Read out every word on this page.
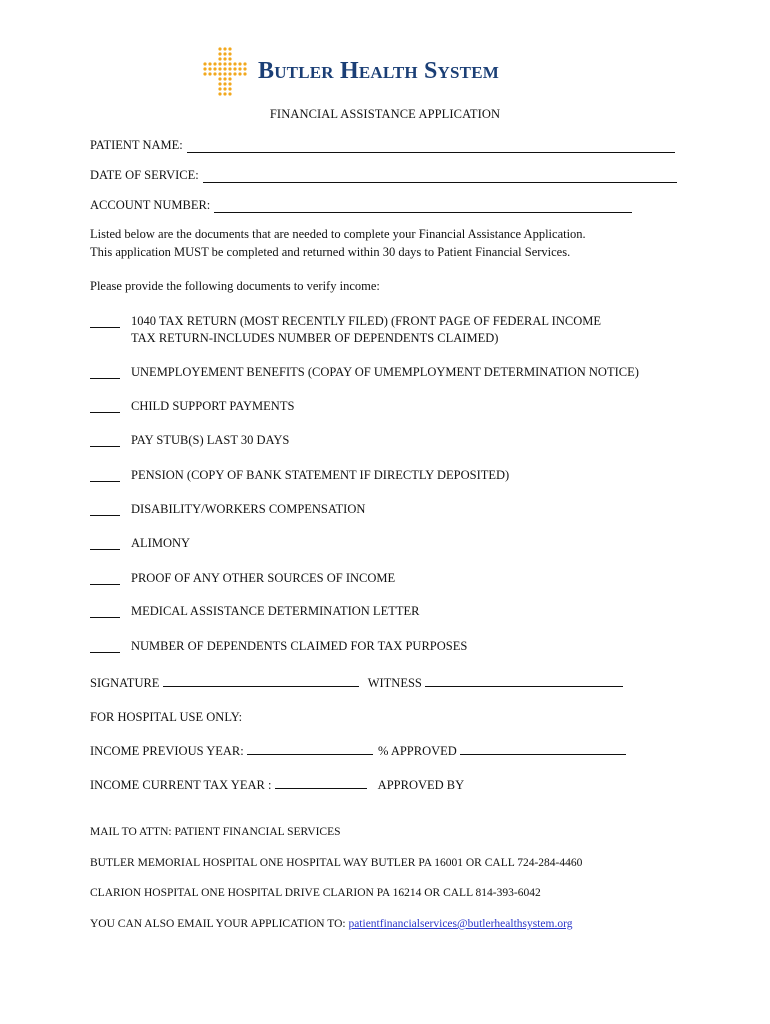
Butler Health System
FINANCIAL ASSISTANCE APPLICATION
PATIENT NAME:
DATE OF SERVICE:
ACCOUNT NUMBER:
Listed below are the documents that are needed to complete your Financial Assistance Application.
This application MUST be completed and returned within 30 days to Patient Financial Services.
Please provide the following documents to verify income:
1040 TAX RETURN (MOST RECENTLY FILED) (FRONT PAGE OF FEDERAL INCOME
TAX RETURN-INCLUDES NUMBER OF DEPENDENTS CLAIMED)
UNEMPLOYEMENT BENEFITS (COPAY OF UMEMPLOYMENT DETERMINATION NOTICE)
CHILD SUPPORT PAYMENTS
PAY STUB(S) LAST 30 DAYS
PENSION (COPY OF BANK STATEMENT IF DIRECTLY DEPOSITED)
DISABILITY/WORKERS COMPENSATION
ALIMONY
PROOF OF ANY OTHER SOURCES OF INCOME
MEDICAL ASSISTANCE DETERMINATION LETTER
NUMBER OF DEPENDENTS CLAIMED FOR TAX PURPOSES
SIGNATURE	WITNESS
FOR HOSPITAL USE ONLY:
INCOME PREVIOUS YEAR:	% APPROVED
INCOME CURRENT TAX YEAR :	APPROVED BY
MAIL TO ATTN: PATIENT FINANCIAL SERVICES
BUTLER MEMORIAL HOSPITAL ONE HOSPITAL WAY BUTLER PA 16001 OR CALL 724-284-4460
CLARION HOSPITAL ONE HOSPITAL DRIVE CLARION PA 16214 OR CALL 814-393-6042
YOU CAN ALSO EMAIL YOUR APPLICATION TO: patientfinancialservices@butlerhealthsystem.org
